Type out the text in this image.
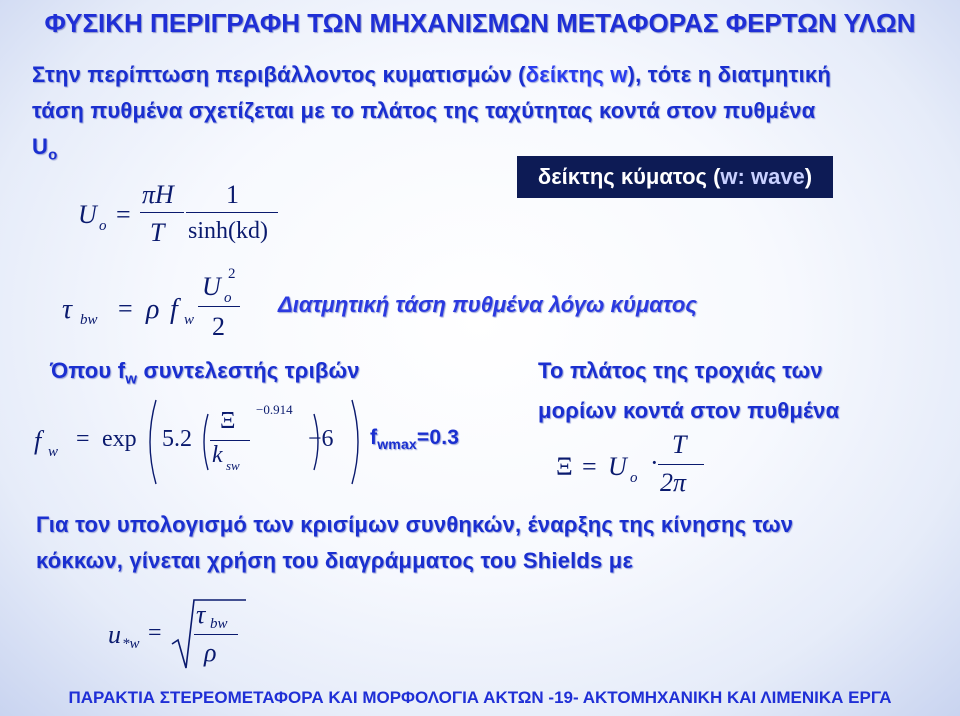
ΦΥΣΙΚΗ ΠΕΡΙΓΡΑΦΗ ΤΩΝ ΜΗΧΑΝΙΣΜΩΝ ΜΕΤΑΦΟΡΑΣ ΦΕΡΤΩΝ ΥΛΩΝ
Στην περίπτωση περιβάλλοντος κυματισμών (δείκτης w), τότε η διατμητική
τάση πυθμένα σχετίζεται με το πλάτος της ταχύτητας κοντά στον πυθμένα
$U_o$
δείκτης κύματος (w: wave)
U o =
πH
T
1
sinh(kd)
τ bw = ρ f w
U o
2
2
Διατμητική τάση πυθμένα λόγω κύματος
Όπου $f_w$ συντελεστής τριβών
f w = exp 5.2
Ξ
k sw
−0.914
−6 $f_{wmax}=0.3$
Το πλάτος της τροχιάς των
μορίων κοντά στον πυθμένα
Ξ = U o
·
T
2π
Για τον υπολογισμό των κρισίμων συνθηκών, έναρξης της κίνησης των
κόκκων, γίνεται χρήση του διαγράμματος του Shields με
u *w =
τ bw
ρ
ΠΑΡΑΚΤΙΑ ΣΤΕΡΕΟΜΕΤΑΦΟΡΑ ΚΑΙ ΜΟΡΦΟΛΟΓΙΑ ΑΚΤΩΝ -19- ΑΚΤΟΜΗΧΑΝΙΚΗ ΚΑΙ ΛΙΜΕΝΙΚΑ ΕΡΓΑ
